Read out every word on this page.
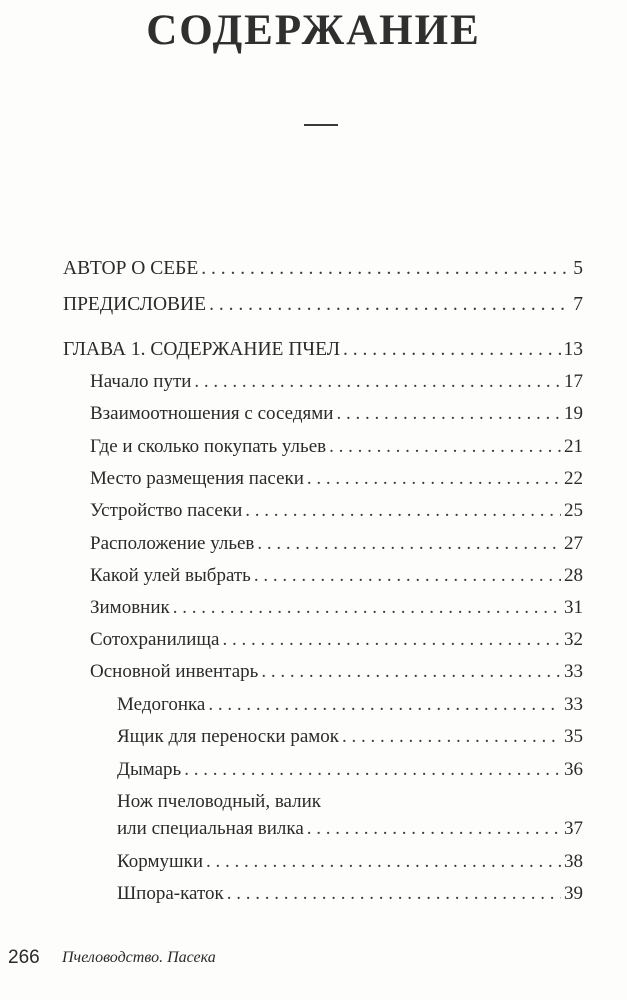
СОДЕРЖАНИЕ
АВТОР О СЕБЕ . . .	5
ПРЕДИСЛОВИЕ . . .	7
ГЛАВА 1. СОДЕРЖАНИЕ ПЧЕЛ . . .	13
Начало пути . . .	17
Взаимоотношения с соседями . . .	19
Где и сколько покупать ульев . . .	21
Место размещения пасеки . . .	22
Устройство пасеки . . .	25
Расположение ульев . . .	27
Какой улей выбрать . . .	28
Зимовник . . .	31
Сотохранилища . . .	32
Основной инвентарь . . .	33
Медогонка . . .	33
Ящик для переноски рамок . . .	35
Дымарь . . .	36
Нож пчеловодный, валик
или специальная вилка . . .	37
Кормушки . . .	38
Шпора-каток . . .	39
266 Пчеловодство. Пасека
